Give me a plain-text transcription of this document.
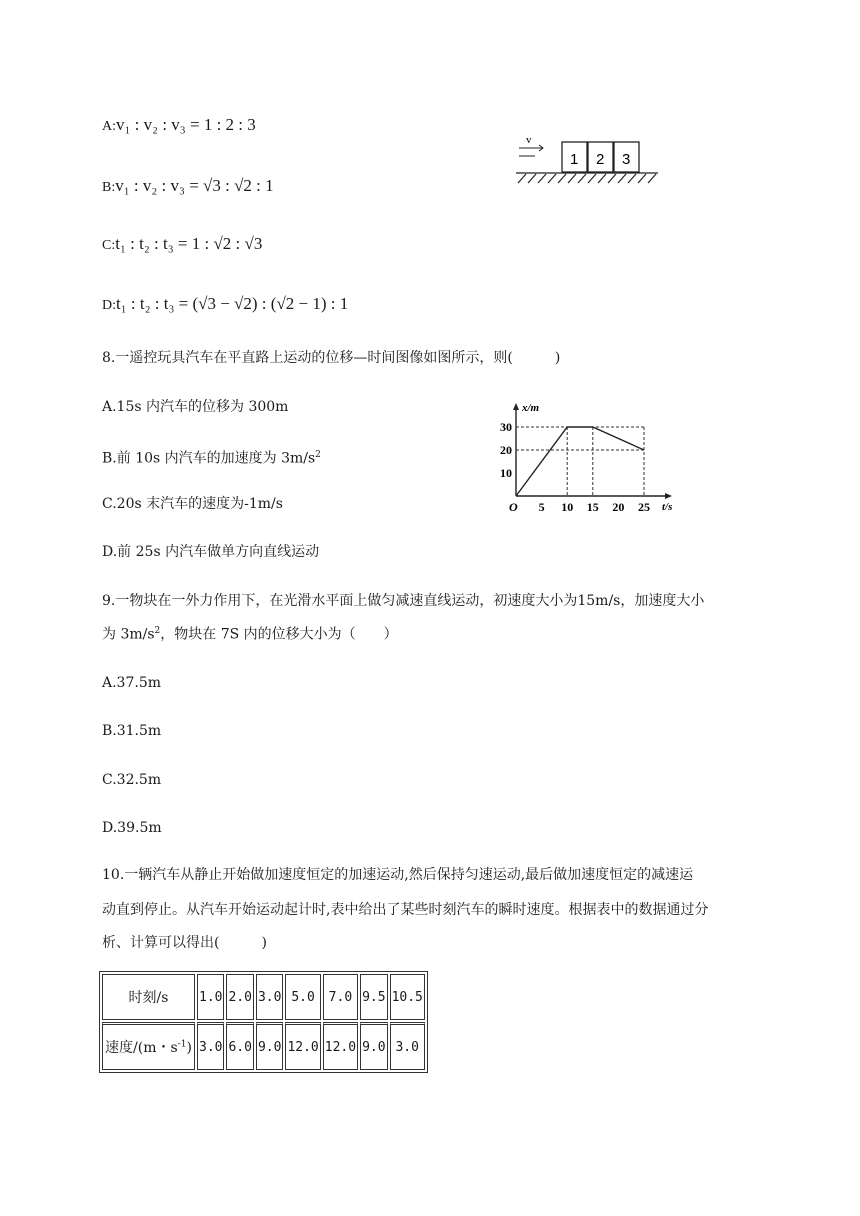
A:v₁ : v₂ : v₃ = 1 : 2 : 3
B:v₁ : v₂ : v₃ = √3 : √2 : 1
C:t₁ : t₂ : t₃ = 1 : √2 : √3
D:t₁ : t₂ : t₃ = (√3 − √2) : (√2 − 1) : 1
v
1 2 3
8.一遥控玩具汽车在平直路上运动的位移—时间图像如图所示，则(　　　)
A.15s 内汽车的位移为 300m
B.前 10s 内汽车的加速度为 $3m/s^2$
C.20s 末汽车的速度为-1m/s
D.前 25s 内汽车做单方向直线运动
x/m
t/s
O 5 10 15 20 25
10
20
30
9.一物块在一外力作用下，在光滑水平面上做匀减速直线运动，初速度大小为15m/s，加速度大小
为 $3m/s^2$，物块在 7S 内的位移大小为（　　）
A.37.5m
B.31.5m
C.32.5m
D.39.5m
10.一辆汽车从静止开始做加速度恒定的加速运动,然后保持匀速运动,最后做加速度恒定的减速运
动直到停止。从汽车开始运动起计时,表中给出了某些时刻汽车的瞬时速度。根据表中的数据通过分
析、计算可以得出(　　　)
时刻/s	1.0	2.0	3.0	5.0	7.0	9.5	10.5
速度/(m・$s^{-1}$)	3.0	6.0	9.0	12.0	12.0	9.0	3.0
